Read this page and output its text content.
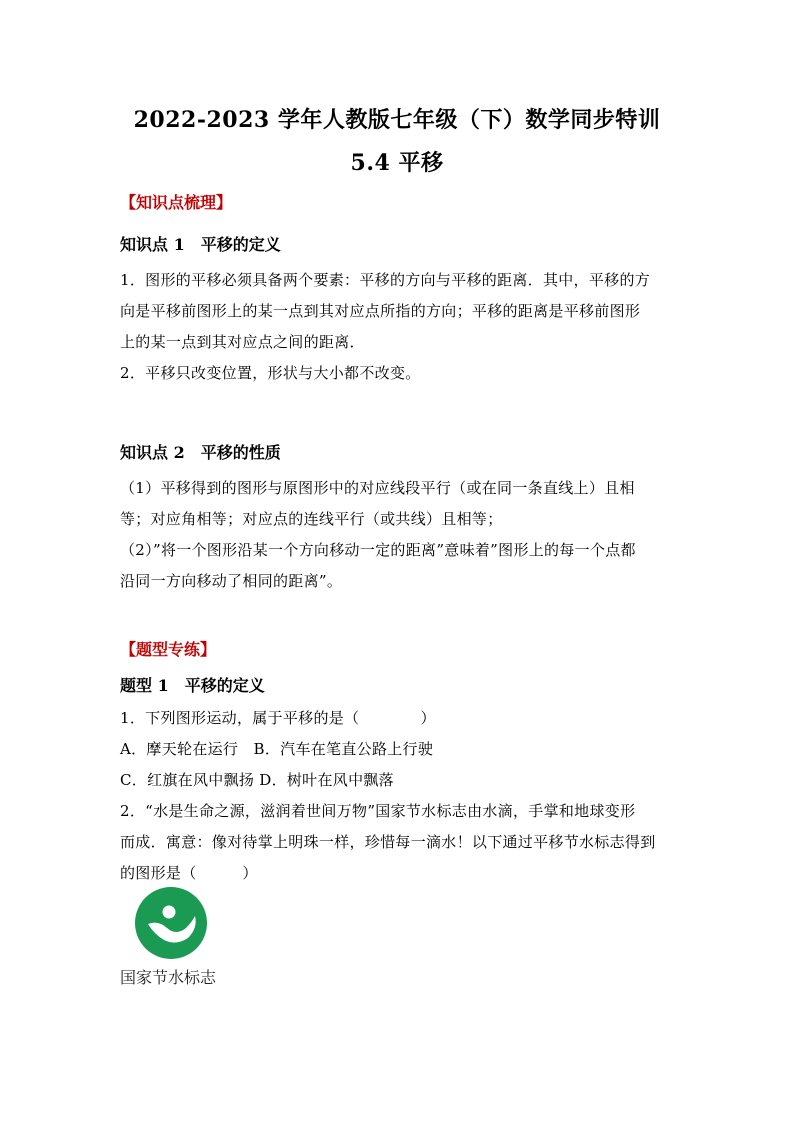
2022-2023 学年人教版七年级（下）数学同步特训
5.4 平移
【知识点梳理】
知识点 1　平移的定义
1．图形的平移必须具备两个要素：平移的方向与平移的距离．其中，平移的方
向是平移前图形上的某一点到其对应点所指的方向；平移的距离是平移前图形
上的某一点到其对应点之间的距离．
2．平移只改变位置，形状与大小都不改变。
知识点 2　平移的性质
（1）平移得到的图形与原图形中的对应线段平行（或在同一条直线上）且相
等；对应角相等；对应点的连线平行（或共线）且相等；
（2）”将一个图形沿某一个方向移动一定的距离”意味着”图形上的每一个点都
沿同一方向移动了相同的距离”。
【题型专练】
题型 1　平移的定义
1．下列图形运动，属于平移的是（　　　　）
A．摩天轮在运行　B．汽车在笔直公路上行驶
C．红旗在风中飘扬 D．树叶在风中飘落
2．“水是生命之源，滋润着世间万物”国家节水标志由水滴，手掌和地球变形
而成．寓意：像对待掌上明珠一样，珍惜每一滴水！以下通过平移节水标志得到
的图形是（　　　）
国家节水标志
